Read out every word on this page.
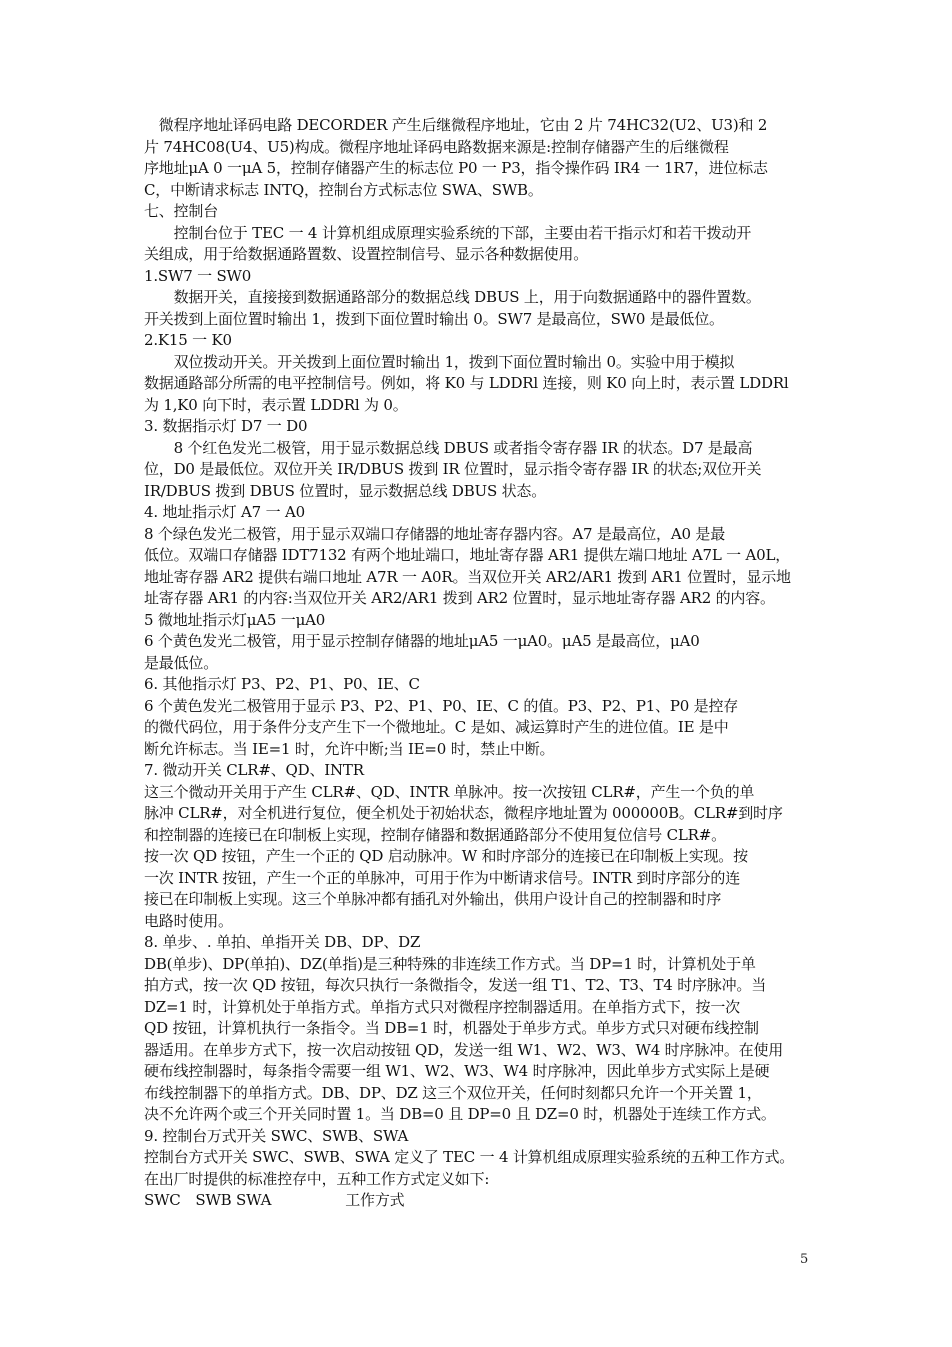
　微程序地址译码电路 DECORDER 产生后继微程序地址，它由 2 片 74HC32(U2、U3)和 2
片 74HC08(U4、U5)构成。微程序地址译码电路数据来源是:控制存储器产生的后继微程
序地址μA 0 一μA 5，控制存储器产生的标志位 P0 一 P3，指令操作码 IR4 一 1R7，进位标志
C，中断请求标志 INTQ，控制台方式标志位 SWA、SWB。
七、控制台
　　控制台位于 TEC 一 4 计算机组成原理实验系统的下部，主要由若干指示灯和若干拨动开
关组成，用于给数据通路置数、设置控制信号、显示各种数据使用。
1.SW7 一 SW0
　　数据开关，直接接到数据通路部分的数据总线 DBUS 上，用于向数据通路中的器件置数。
开关拨到上面位置时输出 1，拨到下面位置时输出 0。SW7 是最高位，SW0 是最低位。
2.K15 一 K0
　　双位拨动开关。开关拨到上面位置时输出 1，拨到下面位置时输出 0。实验中用于模拟
数据通路部分所需的电平控制信号。例如，将 K0 与 LDDRl 连接，则 K0 向上时，表示置 LDDRl
为 1,K0 向下时，表示置 LDDRl 为 0。
3. 数据指示灯 D7 一 D0
　　8 个红色发光二极管，用于显示数据总线 DBUS 或者指令寄存器 IR 的状态。D7 是最高
位，D0 是最低位。双位开关 IR/DBUS 拨到 IR 位置时，显示指令寄存器 IR 的状态;双位开关
IR/DBUS 拨到 DBUS 位置时，显示数据总线 DBUS 状态。
4. 地址指示灯 A7 一 A0
8 个绿色发光二极管，用于显示双端口存储器的地址寄存器内容。A7 是最高位，A0 是最
低位。双端口存储器 IDT7132 有两个地址端口，地址寄存器 AR1 提供左端口地址 A7L 一 A0L，
地址寄存器 AR2 提供右端口地址 A7R 一 A0R。当双位开关 AR2/AR1 拨到 AR1 位置时，显示地
址寄存器 AR1 的内容:当双位开关 AR2/AR1 拨到 AR2 位置时，显示地址寄存器 AR2 的内容。
5 微地址指示灯μA5 一μA0
6 个黄色发光二极管，用于显示控制存储器的地址μA5 一μA0。μA5 是最高位，μA0
是最低位。
6. 其他指示灯 P3、P2、P1、P0、IE、C
6 个黄色发光二极管用于显示 P3、P2、P1、P0、IE、C 的值。P3、P2、P1、P0 是控存
的微代码位，用于条件分支产生下一个微地址。C 是如、减运算时产生的进位值。IE 是中
断允许标志。当 IE=1 时，允许中断;当 IE=0 时，禁止中断。
7. 微动开关 CLR#、QD、INTR
这三个微动开关用于产生 CLR#、QD、INTR 单脉冲。按一次按钮 CLR#，产生一个负的单
脉冲 CLR#，对全机进行复位，便全机处于初始状态，微程序地址置为 000000B。CLR#到时序
和控制器的连接已在印制板上实现，控制存储器和数据通路部分不使用复位信号 CLR#。
按一次 QD 按钮，产生一个正的 QD 启动脉冲。W 和时序部分的连接已在印制板上实现。按
一次 INTR 按钮，产生一个正的单脉冲，可用于作为中断请求信号。INTR 到时序部分的连
接已在印制板上实现。这三个单脉冲都有插孔对外输出，供用户设计自己的控制器和时序
电路时使用。
8. 单步、. 单拍、单指开关 DB、DP、DZ
DB(单步)、DP(单拍)、DZ(单指)是三种特殊的非连续工作方式。当 DP=1 时，计算机处于单
拍方式，按一次 QD 按钮，每次只执行一条微指令，发送一组 T1、T2、T3、T4 时序脉冲。当
DZ=1 时，计算机处于单指方式。单指方式只对微程序控制器适用。在单指方式下，按一次
QD 按钮，计算机执行一条指令。当 DB=1 时，机器处于单步方式。单步方式只对硬布线控制
器适用。在单步方式下，按一次启动按钮 QD，发送一组 W1、W2、W3、W4 时序脉冲。在使用
硬布线控制器时，每条指令需要一组 W1、W2、W3、W4 时序脉冲，因此单步方式实际上是硬
布线控制器下的单指方式。DB、DP、DZ 这三个双位开关，任何时刻都只允许一个开关置 1，
决不允许两个或三个开关同时置 1。当 DB=0 且 DP=0 且 DZ=0 时，机器处于连续工作方式。
9. 控制台万式开关 SWC、SWB、SWA
控制台方式开关 SWC、SWB、SWA 定义了 TEC 一 4 计算机组成原理实验系统的五种工作方式。
在出厂时提供的标准控存中，五种工作方式定义如下:
SWC　SWB SWA　　　　　工作方式
5
